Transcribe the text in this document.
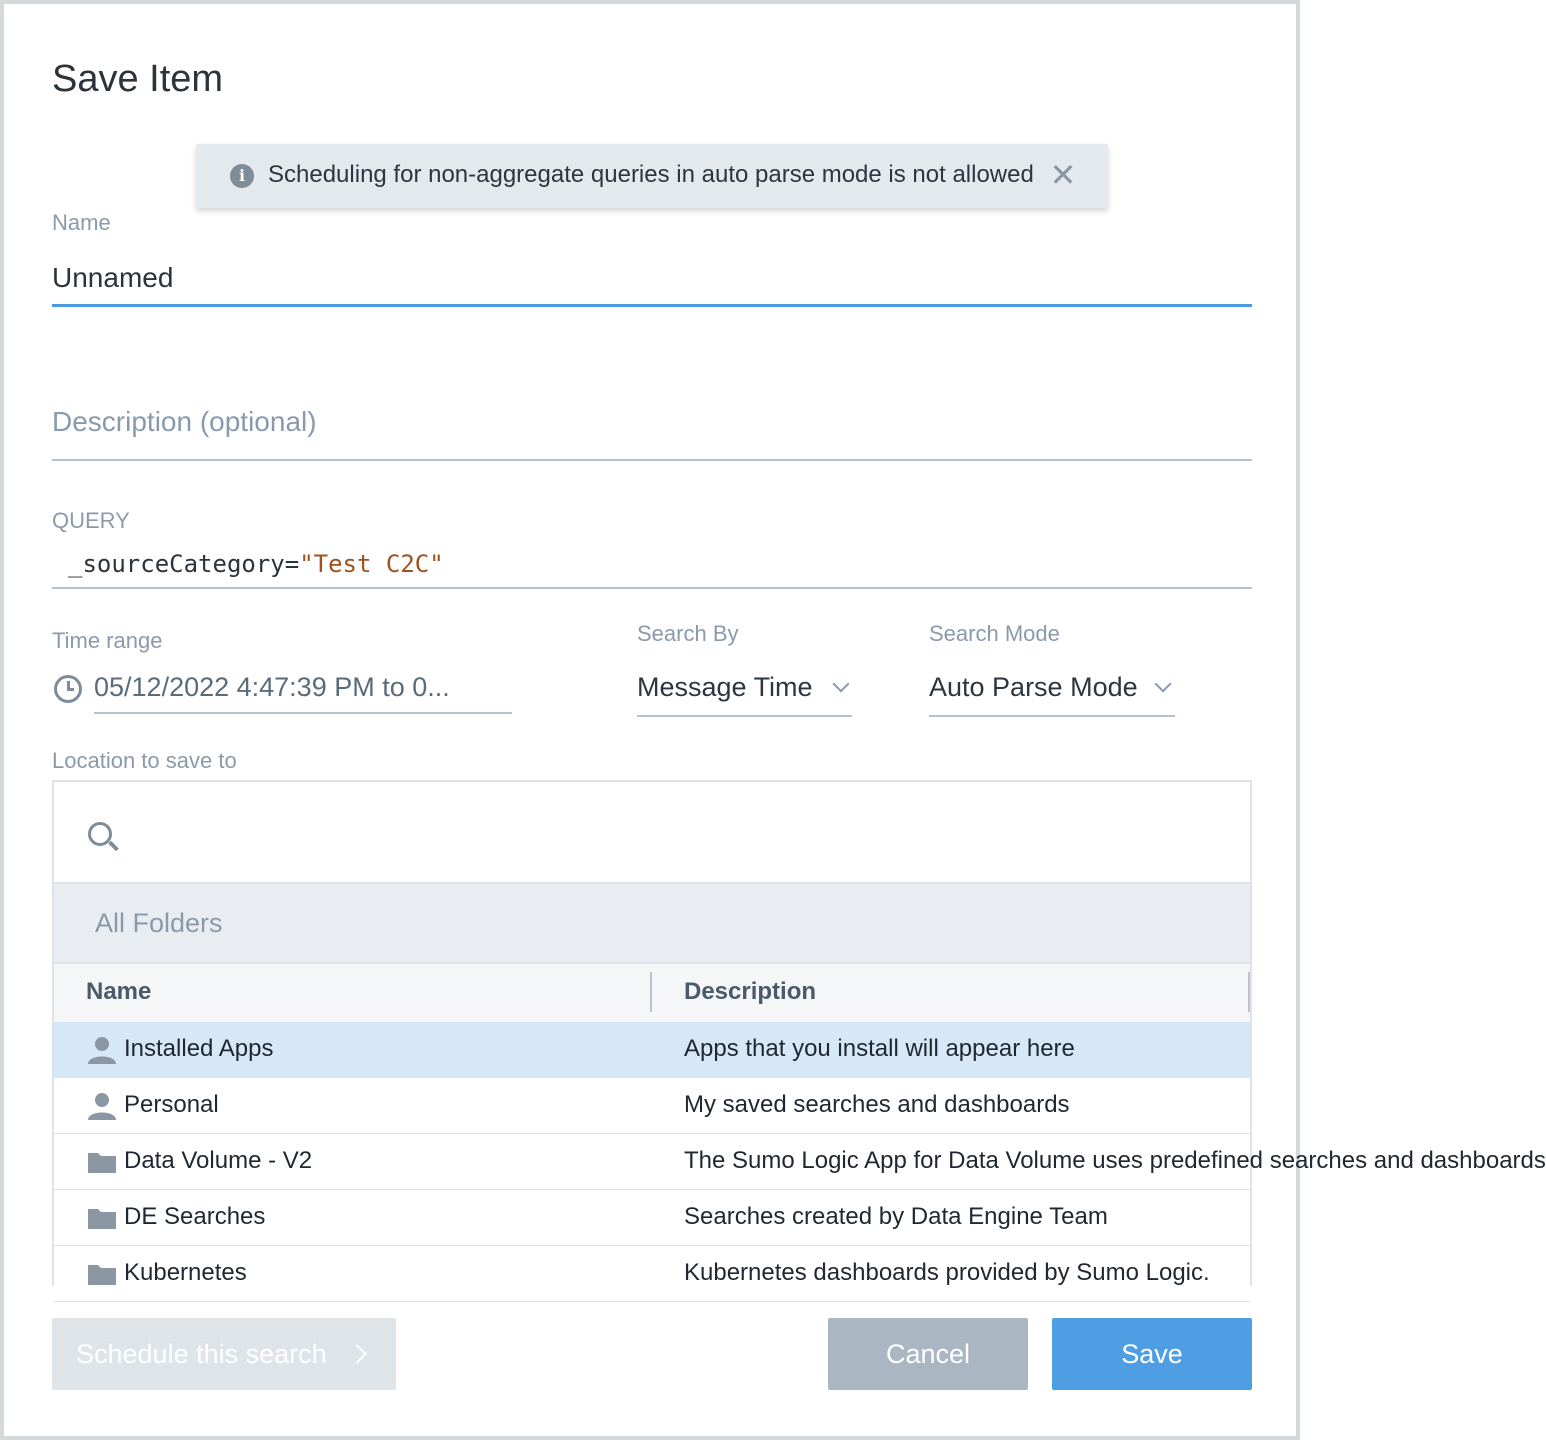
Save Item
i Scheduling for non-aggregate queries in auto parse mode is not allowed ✕
Name
Unnamed
Description (optional)
QUERY
_sourceCategory="Test C2C"
Time range
05/12/2022 4:47:39 PM to 0...
Search By
Message Time
Search Mode
Auto Parse Mode
Location to save to
All Folders
Name	Description
Installed Apps	Apps that you install will appear here
Personal	My saved searches and dashboards
Data Volume - V2	The Sumo Logic App for Data Volume uses predefined searches and dashboards
DE Searches	Searches created by Data Engine Team
Kubernetes	Kubernetes dashboards provided by Sumo Logic.
Schedule this search	Cancel	Save
